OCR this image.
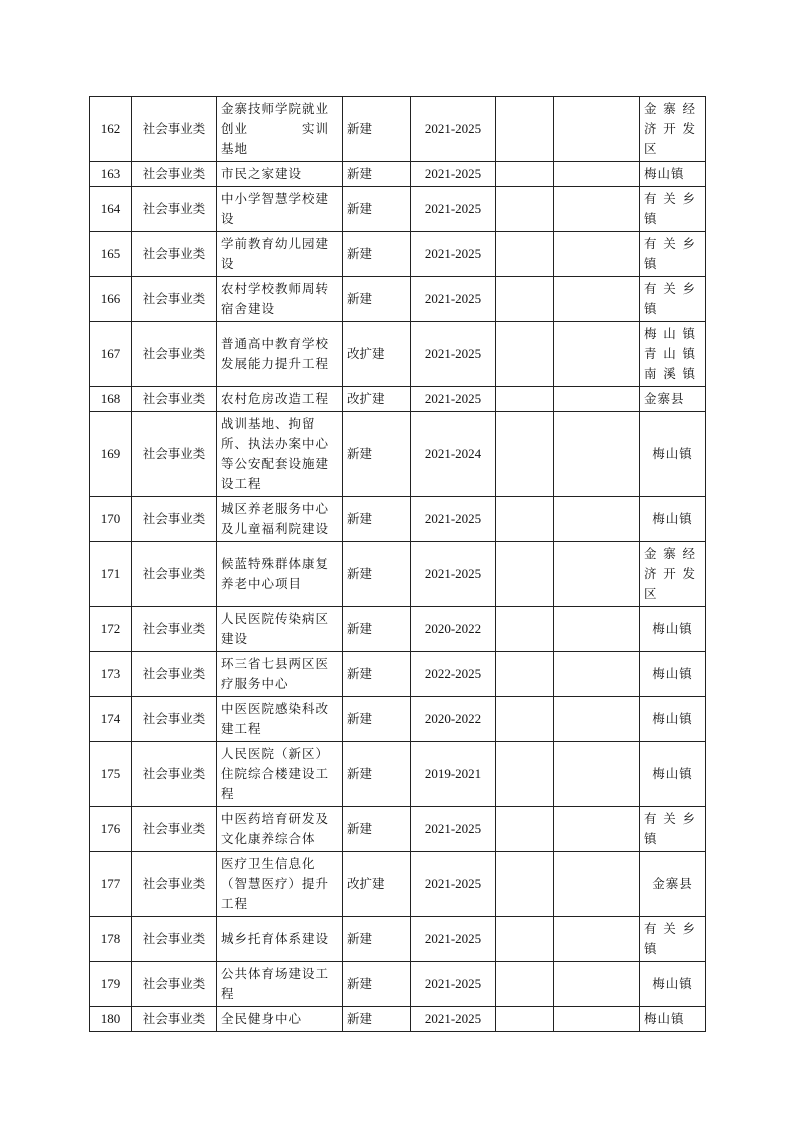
162	社会事业类	金寨技师学院就业创业　　　　实训基地	新建	2021-2025			金寨经济开发区
163	社会事业类	市民之家建设	新建	2021-2025			梅山镇
164	社会事业类	中小学智慧学校建设	新建	2021-2025			有关乡镇
165	社会事业类	学前教育幼儿园建设	新建	2021-2025			有关乡镇
166	社会事业类	农村学校教师周转宿舍建设	新建	2021-2025			有关乡镇
167	社会事业类	普通高中教育学校发展能力提升工程	改扩建	2021-2025			梅山镇青山镇南溪镇
168	社会事业类	农村危房改造工程	改扩建	2021-2025			金寨县
169	社会事业类	战训基地、拘留所、执法办案中心等公安配套设施建设工程	新建	2021-2024			梅山镇
170	社会事业类	城区养老服务中心及儿童福利院建设	新建	2021-2025			梅山镇
171	社会事业类	候蓝特殊群体康复养老中心项目	新建	2021-2025			金寨经济开发区
172	社会事业类	人民医院传染病区建设	新建	2020-2022			梅山镇
173	社会事业类	环三省七县两区医疗服务中心	新建	2022-2025			梅山镇
174	社会事业类	中医医院感染科改建工程	新建	2020-2022			梅山镇
175	社会事业类	人民医院（新区）住院综合楼建设工程	新建	2019-2021			梅山镇
176	社会事业类	中医药培育研发及文化康养综合体	新建	2021-2025			有关乡镇
177	社会事业类	医疗卫生信息化（智慧医疗）提升工程	改扩建	2021-2025			金寨县
178	社会事业类	城乡托育体系建设	新建	2021-2025			有关乡镇
179	社会事业类	公共体育场建设工程	新建	2021-2025			梅山镇
180	社会事业类	全民健身中心	新建	2021-2025			梅山镇
